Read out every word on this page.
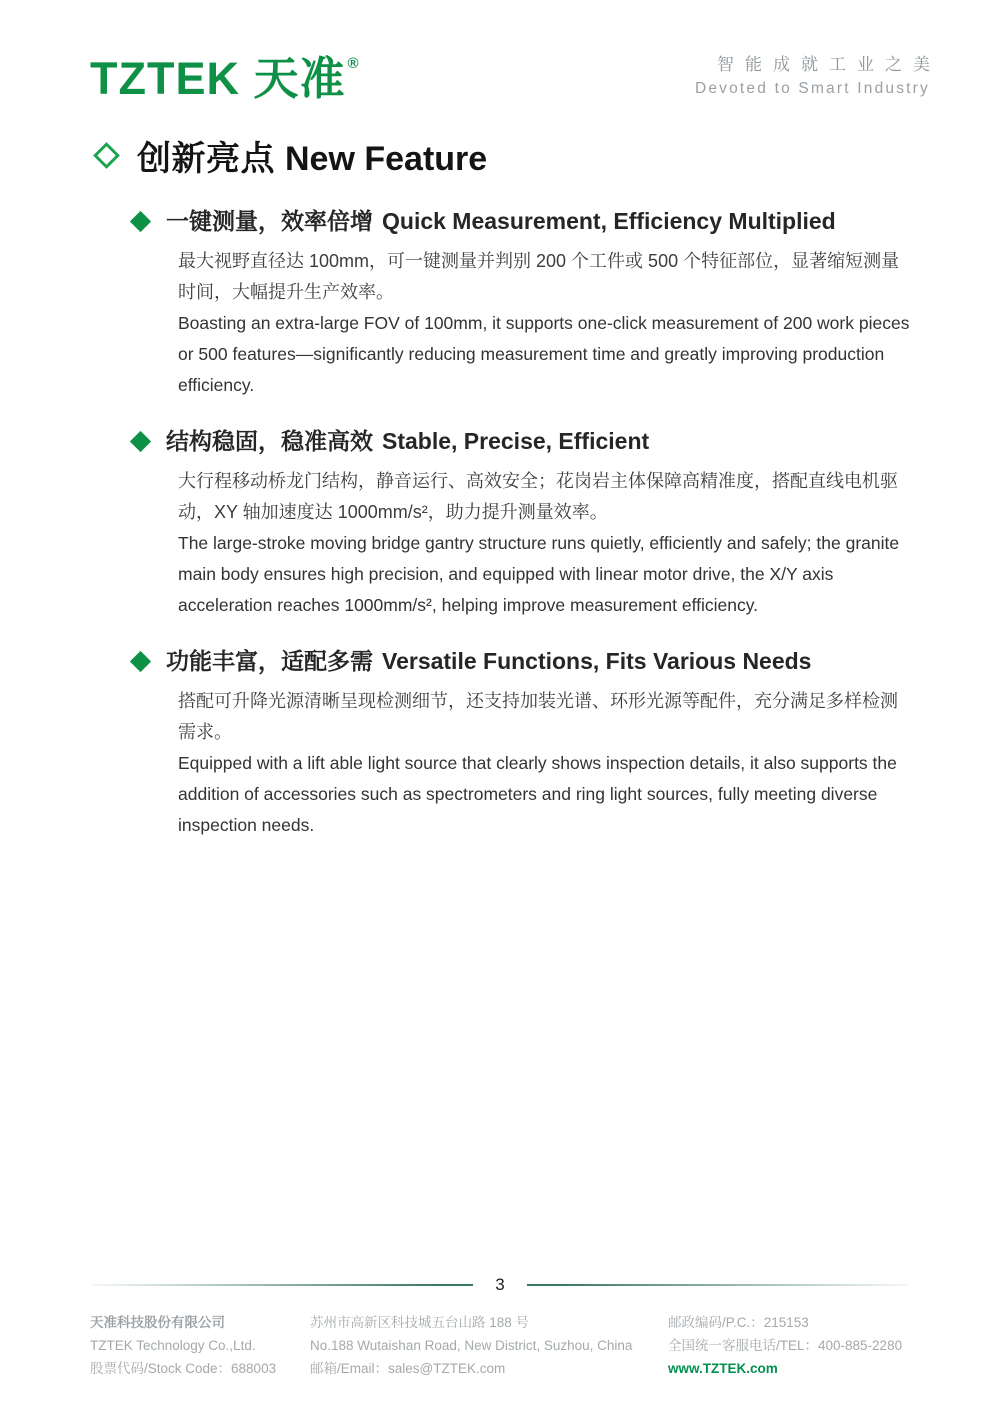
TZTEK 天准 ®	智能成就工业之美
Devoted to Smart Industry
创新亮点 New Feature
一键测量，效率倍增 Quick Measurement, Efficiency Multiplied

最大视野直径达 100mm，可一键测量并判别 200 个工件或 500 个特征部位，显著缩短测量时间，大幅提升生产效率。

Boasting an extra-large FOV of 100mm, it supports one-click measurement of 200 work pieces or 500 features—significantly reducing measurement time and greatly improving production efficiency.

结构稳固，稳准高效 Stable, Precise, Efficient

大行程移动桥龙门结构，静音运行、高效安全；花岗岩主体保障高精准度，搭配直线电机驱动，XY 轴加速度达 1000mm/s²，助力提升测量效率。

The large-stroke moving bridge gantry structure runs quietly, efficiently and safely; the granite main body ensures high precision, and equipped with linear motor drive, the X/Y axis acceleration reaches 1000mm/s², helping improve measurement efficiency.

功能丰富，适配多需 Versatile Functions, Fits Various Needs

搭配可升降光源清晰呈现检测细节，还支持加装光谱、环形光源等配件，充分满足多样检测需求。

Equipped with a lift able light source that clearly shows inspection details, it also supports the addition of accessories such as spectrometers and ring light sources, fully meeting diverse inspection needs.

3
天准科技股份有限公司
TZTEK Technology Co.,Ltd.
股票代码/Stock Code：688003
苏州市高新区科技城五台山路 188 号
No.188 Wutaishan Road, New District, Suzhou, China
邮箱/Email：sales@TZTEK.com
邮政编码/P.C.：215153
全国统一客服电话/TEL：400-885-2280
www.TZTEK.com
